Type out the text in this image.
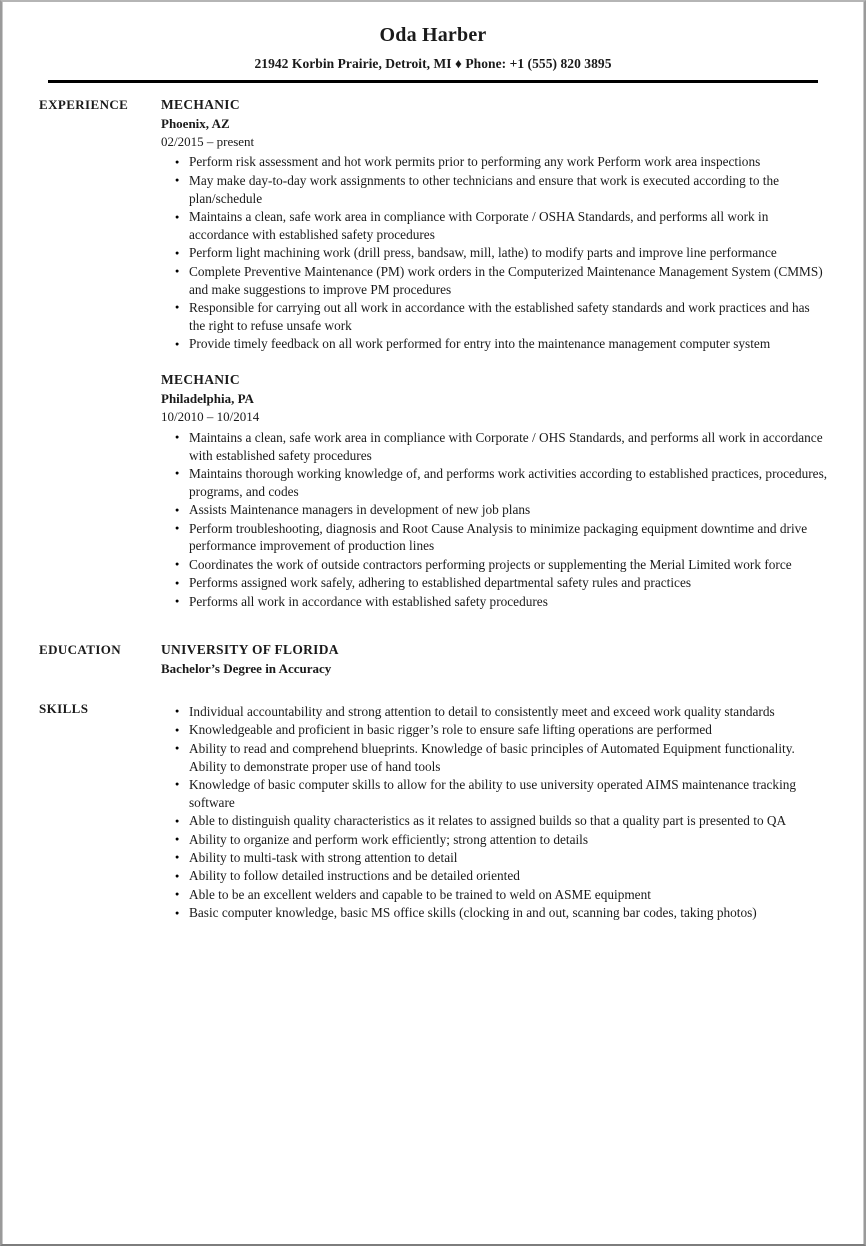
Oda Harber
21942 Korbin Prairie, Detroit, MI ♦ Phone: +1 (555) 820 3895
EXPERIENCE	MECHANIC
Phoenix, AZ
02/2015 – present
● Perform risk assessment and hot work permits prior to performing any work Perform work area inspections
● May make day-to-day work assignments to other technicians and ensure that work is executed according to the plan/schedule
● Maintains a clean, safe work area in compliance with Corporate / OSHA Standards, and performs all work in accordance with established safety procedures
● Perform light machining work (drill press, bandsaw, mill, lathe) to modify parts and improve line performance
● Complete Preventive Maintenance (PM) work orders in the Computerized Maintenance Management System (CMMS) and make suggestions to improve PM procedures
● Responsible for carrying out all work in accordance with the established safety standards and work practices and has the right to refuse unsafe work
● Provide timely feedback on all work performed for entry into the maintenance management computer system
MECHANIC
Philadelphia, PA
10/2010 – 10/2014
● Maintains a clean, safe work area in compliance with Corporate / OHS Standards, and performs all work in accordance with established safety procedures
● Maintains thorough working knowledge of, and performs work activities according to established practices, procedures, programs, and codes
● Assists Maintenance managers in development of new job plans
● Perform troubleshooting, diagnosis and Root Cause Analysis to minimize packaging equipment downtime and drive performance improvement of production lines
● Coordinates the work of outside contractors performing projects or supplementing the Merial Limited work force
● Performs assigned work safely, adhering to established departmental safety rules and practices
● Performs all work in accordance with established safety procedures
EDUCATION	UNIVERSITY OF FLORIDA
Bachelor’s Degree in Accuracy
SKILLS	● Individual accountability and strong attention to detail to consistently meet and exceed work quality standards
● Knowledgeable and proficient in basic rigger’s role to ensure safe lifting operations are performed
● Ability to read and comprehend blueprints. Knowledge of basic principles of Automated Equipment functionality. Ability to demonstrate proper use of hand tools
● Knowledge of basic computer skills to allow for the ability to use university operated AIMS maintenance tracking software
● Able to distinguish quality characteristics as it relates to assigned builds so that a quality part is presented to QA
● Ability to organize and perform work efficiently; strong attention to details
● Ability to multi-task with strong attention to detail
● Ability to follow detailed instructions and be detailed oriented
● Able to be an excellent welders and capable to be trained to weld on ASME equipment
● Basic computer knowledge, basic MS office skills (clocking in and out, scanning bar codes, taking photos)
